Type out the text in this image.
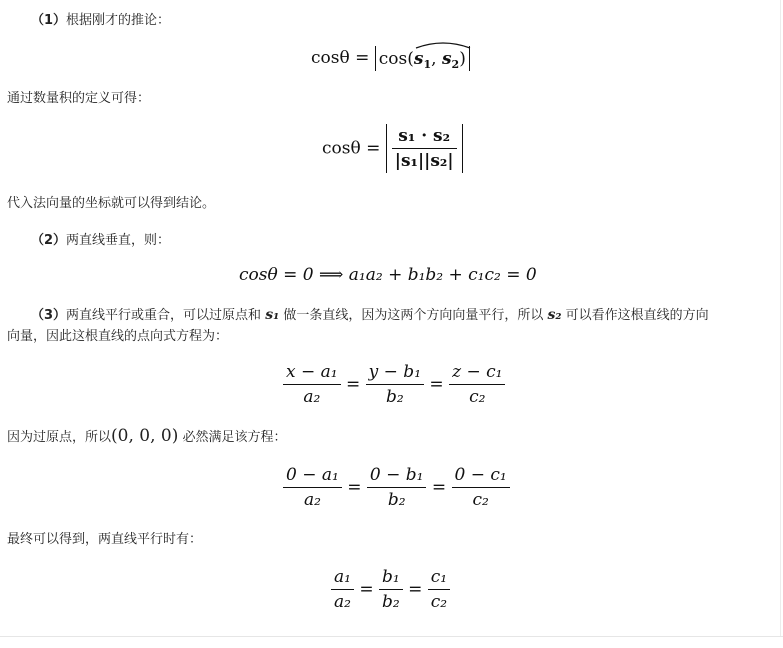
（1）根据刚才的推论：
cosθ = cos(
$s_1$, $s_2$)
通过数量积的定义可得：
$\cos\theta = \frac{\text{s₁ · s₂}}{\text{|s₁||s₂|}}$
代入法向量的坐标就可以得到结论。
（2）两直线垂直，则：
cosθ = 0 ⟹ a₁a₂ + b₁b₂ + c₁c₂ = 0
（3）两直线平行或重合，可以过原点和 s₁ 做一条直线，因为这两个方向向量平行，所以 s₂ 可以看作这根直线的方向
向量，因此这根直线的点向式方程为：
$\frac{\text{x − a₁}}{\text{a₂}} = \frac{\text{y − b₁}}{\text{b₂}} = \frac{\text{z − c₁}}{\text{c₂}}$
因为过原点，所以(0, 0, 0) 必然满足该方程：
$\frac{\text{0 − a₁}}{\text{a₂}} = \frac{\text{0 − b₁}}{\text{b₂}} = \frac{\text{0 − c₁}}{\text{c₂}}$
最终可以得到，两直线平行时有：
$\frac{\text{a₁}}{\text{a₂}} = \frac{\text{b₁}}{\text{b₂}} = \frac{\text{c₁}}{\text{c₂}}$
